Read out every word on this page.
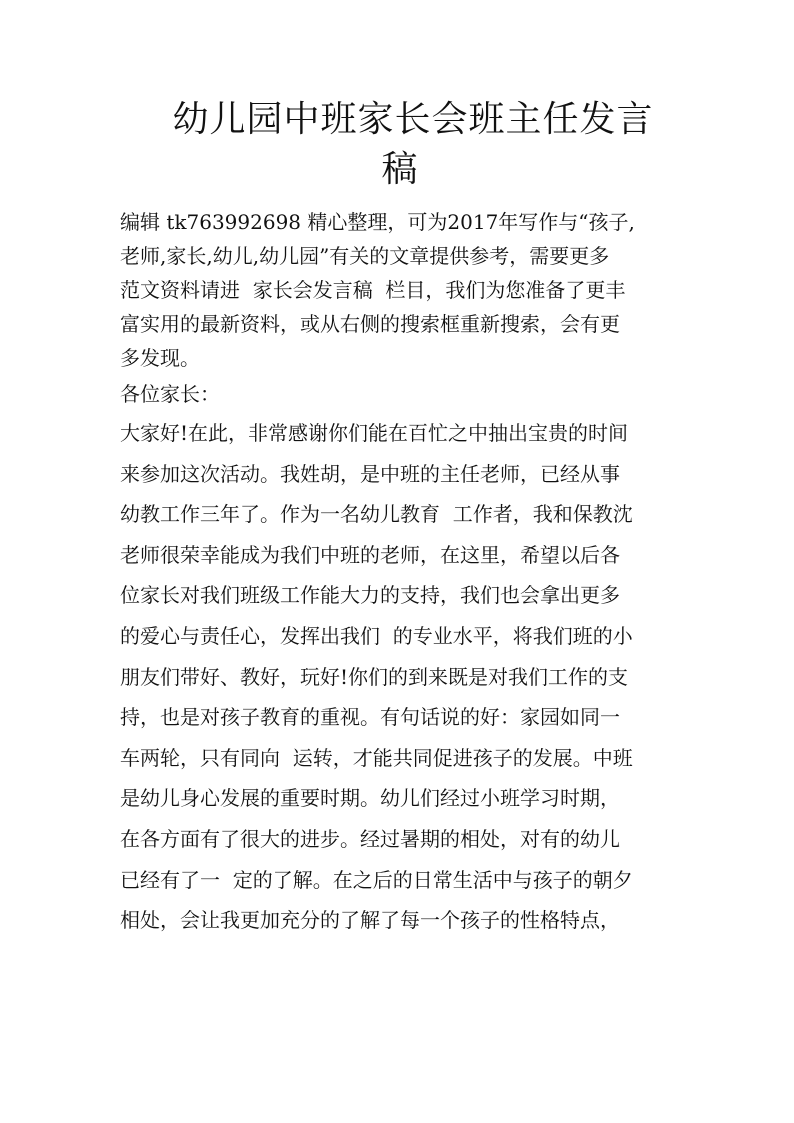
幼儿园中班家长会班主任发言
稿
编辑 tk763992698 精心整理，可为2017年写作与“孩子,
老师,家长,幼儿,幼儿园”有关的文章提供参考，需要更多
范文资料请进  家长会发言稿  栏目，我们为您准备了更丰
富实用的最新资料，或从右侧的搜索框重新搜索，会有更
多发现。
各位家长：
大家好!在此，非常感谢你们能在百忙之中抽出宝贵的时间
来参加这次活动。我姓胡，是中班的主任老师，已经从事
幼教工作三年了。作为一名幼儿教育  工作者，我和保教沈
老师很荣幸能成为我们中班的老师，在这里，希望以后各
位家长对我们班级工作能大力的支持，我们也会拿出更多
的爱心与责任心，发挥出我们  的专业水平，将我们班的小
朋友们带好、教好，玩好!你们的到来既是对我们工作的支
持，也是对孩子教育的重视。有句话说的好：家园如同一
车两轮，只有同向  运转，才能共同促进孩子的发展。中班
是幼儿身心发展的重要时期。幼儿们经过小班学习时期，
在各方面有了很大的进步。经过暑期的相处，对有的幼儿
已经有了一  定的了解。在之后的日常生活中与孩子的朝夕
相处，会让我更加充分的了解了每一个孩子的性格特点，
